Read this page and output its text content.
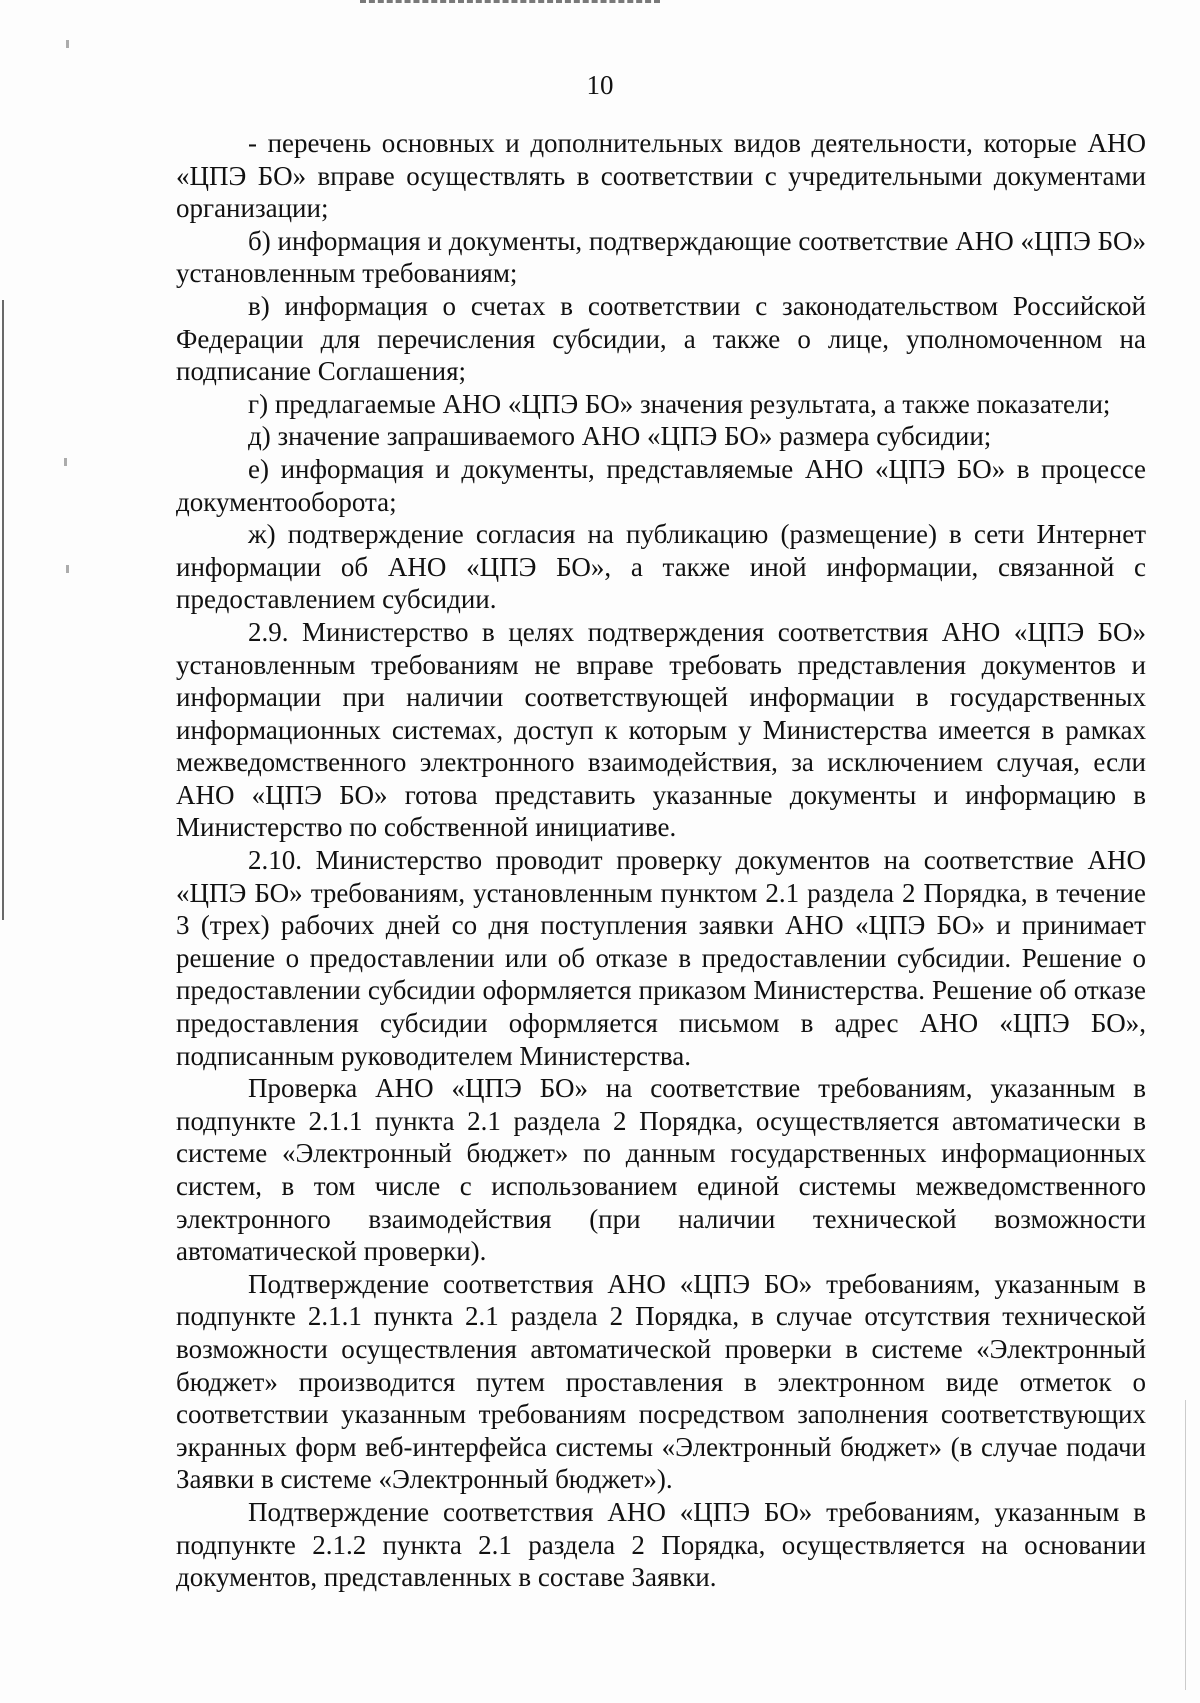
10

- перечень основных и дополнительных видов деятельности, которые АНО «ЦПЭ БО» вправе осуществлять в соответствии с учредительными документами организации;

б) информация и документы, подтверждающие соответствие АНО «ЦПЭ БО» установленным требованиям;

в) информация о счетах в соответствии с законодательством Российской Федерации для перечисления субсидии, а также о лице, уполномоченном на подписание Соглашения;

г) предлагаемые АНО «ЦПЭ БО» значения результата, а также показатели;

д) значение запрашиваемого АНО «ЦПЭ БО» размера субсидии;

е) информация и документы, представляемые АНО «ЦПЭ БО» в процессе документооборота;

ж) подтверждение согласия на публикацию (размещение) в сети Интернет информации об АНО «ЦПЭ БО», а также иной информации, связанной с предоставлением субсидии.

2.9. Министерство в целях подтверждения соответствия АНО «ЦПЭ БО» установленным требованиям не вправе требовать представления документов и информации при наличии соответствующей информации в государственных информационных системах, доступ к которым у Министерства имеется в рамках межведомственного электронного взаимодействия, за исключением случая, если АНО «ЦПЭ БО» готова представить указанные документы и информацию в Министерство по собственной инициативе.

2.10. Министерство проводит проверку документов на соответствие АНО «ЦПЭ БО» требованиям, установленным пунктом 2.1 раздела 2 Порядка, в течение 3 (трех) рабочих дней со дня поступления заявки АНО «ЦПЭ БО» и принимает решение о предоставлении или об отказе в предоставлении субсидии. Решение о предоставлении субсидии оформляется приказом Министерства. Решение об отказе предоставления субсидии оформляется письмом в адрес АНО «ЦПЭ БО», подписанным руководителем Министерства.

Проверка АНО «ЦПЭ БО» на соответствие требованиям, указанным в подпункте 2.1.1 пункта 2.1 раздела 2 Порядка, осуществляется автоматически в системе «Электронный бюджет» по данным государственных информационных систем, в том числе с использованием единой системы межведомственного электронного взаимодействия (при наличии технической возможности автоматической проверки).

Подтверждение соответствия АНО «ЦПЭ БО» требованиям, указанным в подпункте 2.1.1 пункта 2.1 раздела 2 Порядка, в случае отсутствия технической возможности осуществления автоматической проверки в системе «Электронный бюджет» производится путем проставления в электронном виде отметок о соответствии указанным требованиям посредством заполнения соответствующих экранных форм веб-интерфейса системы «Электронный бюджет» (в случае подачи Заявки в системе «Электронный бюджет»).

Подтверждение соответствия АНО «ЦПЭ БО» требованиям, указанным в подпункте 2.1.2 пункта 2.1 раздела 2 Порядка, осуществляется на основании документов, представленных в составе Заявки.
